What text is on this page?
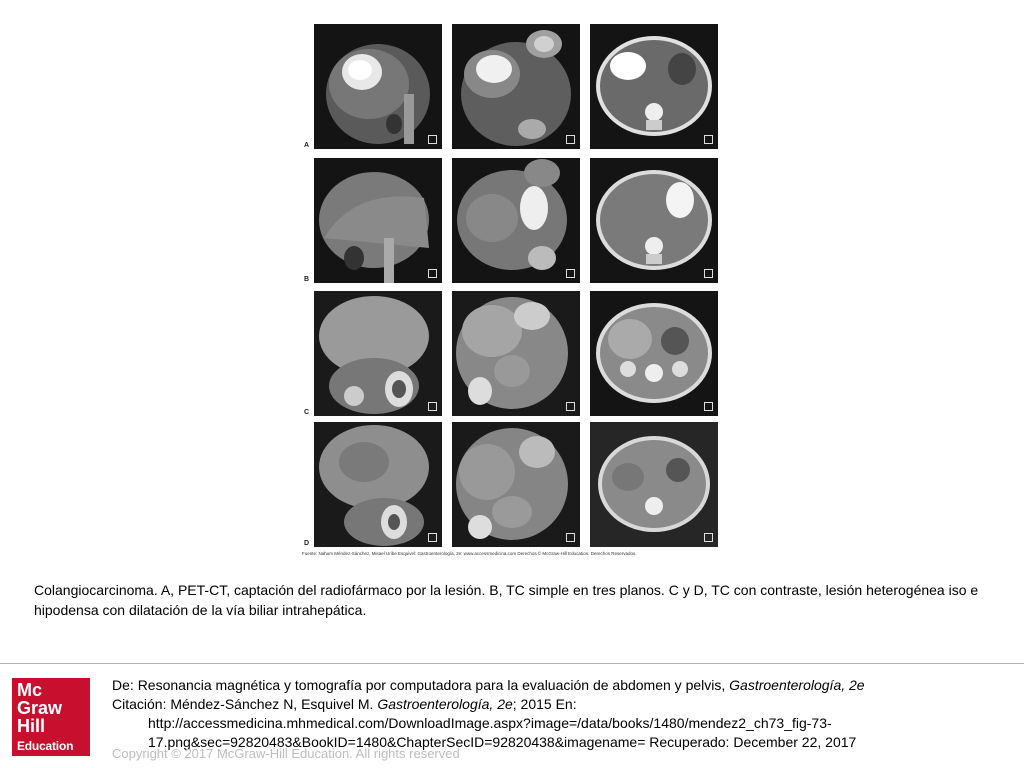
A
B
C
D
Fuente: Nahum Méndez-Sánchez, Misael Uribe Esquivel: Gastroenterología, 2e: www.accessmedicina.com Derechos © McGraw-Hill Education. Derechos Reservados.
Colangiocarcinoma. A, PET-CT, captación del radiofármaco por la lesión. B, TC simple en tres planos. C y D, TC con contraste, lesión heterogénea iso e hipodensa con dilatación de la vía biliar intrahepática.
Mc
Graw
Hill
Education
De: Resonancia magnética y tomografía por computadora para la evaluación de abdomen y pelvis, Gastroenterología, 2e
Citación: Méndez-Sánchez N, Esquivel M. Gastroenterología, 2e; 2015 En:
http://accessmedicina.mhmedical.com/DownloadImage.aspx?image=/data/books/1480/mendez2_ch73_fig-73-
17.png&sec=92820483&BookID=1480&ChapterSecID=92820438&imagename= Recuperado: December 22, 2017
Copyright © 2017 McGraw-Hill Education. All rights reserved
